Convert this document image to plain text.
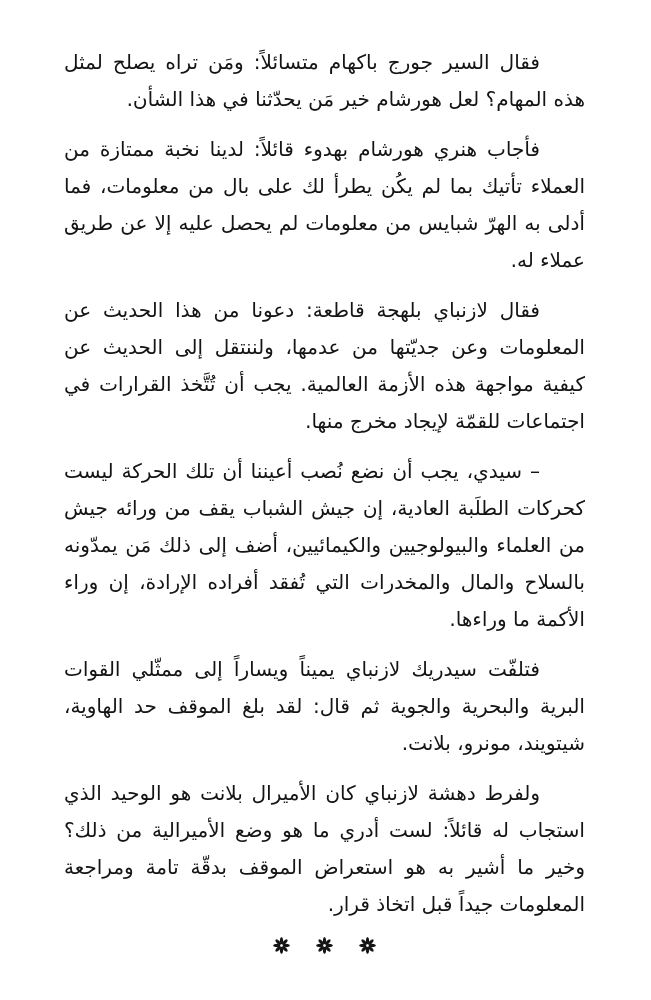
فقال السير جورج باكهام متسائلاً: ومَن تراه يصلح لمثل هذه المهام؟ لعل هورشام خير مَن يحدّثنا في هذا الشأن.

فأجاب هنري هورشام بهدوء قائلاً: لدينا نخبة ممتازة من العملاء تأتيك بما لم يكُن يطرأ لك على بال من معلومات، فما أدلى به الهرّ شبايس من معلومات لم يحصل عليه إلا عن طريق عملاء له.

فقال لازنباي بلهجة قاطعة: دعونا من هذا الحديث عن المعلومات وعن جديّتها من عدمها، ولننتقل إلى الحديث عن كيفية مواجهة هذه الأزمة العالمية. يجب أن تُتَّخذ القرارات في اجتماعات للقمّة لإيجاد مخرج منها.

– سيدي، يجب أن نضع نُصب أعيننا أن تلك الحركة ليست كحركات الطلَبة العادية، إن جيش الشباب يقف من ورائه جيش من العلماء والبيولوجيين والكيمائيين، أضف إلى ذلك مَن يمدّونه بالسلاح والمال والمخدرات التي تُفقد أفراده الإرادة، إن وراء الأكمة ما وراءها.

فتلفّت سيدريك لازنباي يميناً ويساراً إلى ممثّلي القوات البرية والبحرية والجوية ثم قال: لقد بلغ الموقف حد الهاوية، شيتويند، مونرو، بلانت.

ولفرط دهشة لازنباي كان الأميرال بلانت هو الوحيد الذي استجاب له قائلاً: لست أدري ما هو وضع الأميرالية من ذلك؟ وخير ما أشير به هو استعراض الموقف بدقّة تامة ومراجعة المعلومات جيداً قبل اتخاذ قرار.
